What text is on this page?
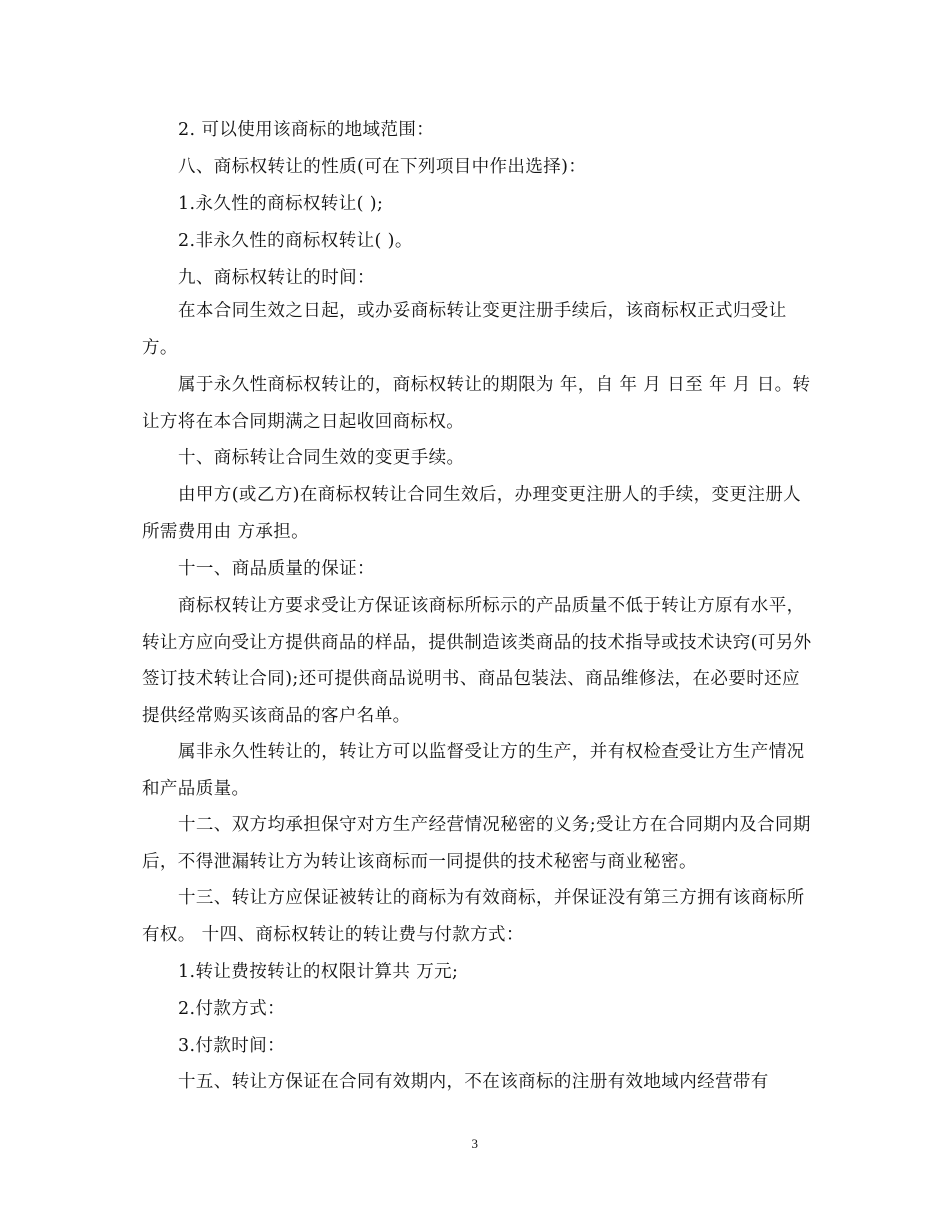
2. 可以使用该商标的地域范围：

八、商标权转让的性质(可在下列项目中作出选择)：

1.永久性的商标权转让( );

2.非永久性的商标权转让( )。

九、商标权转让的时间：

在本合同生效之日起，或办妥商标转让变更注册手续后，该商标权正式归受让方。

属于永久性商标权转让的，商标权转让的期限为 年，自 年 月 日至 年 月 日。转让方将在本合同期满之日起收回商标权。

十、商标转让合同生效的变更手续。

由甲方(或乙方)在商标权转让合同生效后，办理变更注册人的手续，变更注册人所需费用由 方承担。

十一、商品质量的保证：

商标权转让方要求受让方保证该商标所标示的产品质量不低于转让方原有水平，转让方应向受让方提供商品的样品，提供制造该类商品的技术指导或技术诀窍(可另外签订技术转让合同);还可提供商品说明书、商品包装法、商品维修法，在必要时还应提供经常购买该商品的客户名单。

属非永久性转让的，转让方可以监督受让方的生产，并有权检查受让方生产情况和产品质量。

十二、双方均承担保守对方生产经营情况秘密的义务;受让方在合同期内及合同期后，不得泄漏转让方为转让该商标而一同提供的技术秘密与商业秘密。

十三、转让方应保证被转让的商标为有效商标，并保证没有第三方拥有该商标所有权。 十四、商标权转让的转让费与付款方式：

1.转让费按转让的权限计算共 万元;

2.付款方式：

3.付款时间：

十五、转让方保证在合同有效期内，不在该商标的注册有效地域内经营带有

3
